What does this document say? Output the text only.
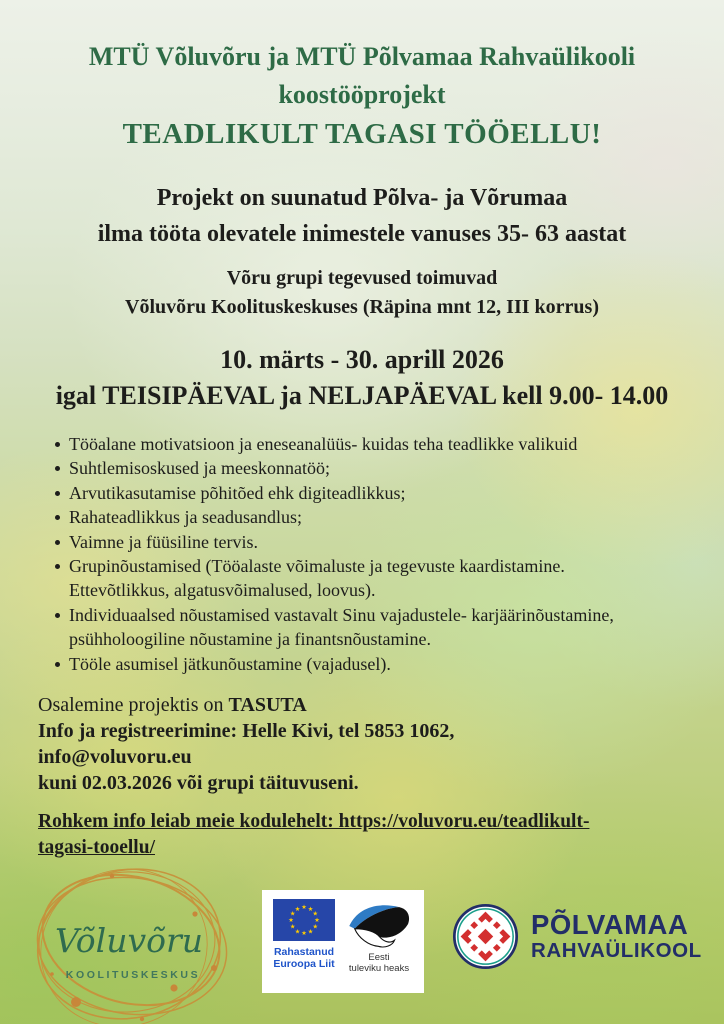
MTÜ Võluvõru ja MTÜ Põlvamaa Rahvaülikooli
koostööprojekt
TEADLIKULT TAGASI TÖÖELLU!
Projekt on suunatud Põlva- ja Võrumaa
ilma tööta olevatele inimestele vanuses 35- 63 aastat
Võru grupi tegevused toimuvad
Võluvõru Koolituskeskuses (Räpina mnt 12, III korrus)
10. märts - 30. aprill 2026
igal TEISIPÄEVAL ja NELJAPÄEVAL kell 9.00- 14.00
Tööalane motivatsioon ja eneseanalüüs- kuidas teha teadlikke valikuid
Suhtlemisoskused ja meeskonnatöö;
Arvutikasutamise põhitõed ehk digiteadlikkus;
Rahateadlikkus ja seadusandlus;
Vaimne ja füüsiline tervis.
Grupinõustamised (Tööalaste võimaluste ja tegevuste kaardistamine.
Ettevõtlikkus, algatusvõimalused, loovus).
Individuaalsed nõustamised vastavalt Sinu vajadustele- karjäärinõustamine,
psühholoogiline nõustamine ja finantsnõustamine.
Tööle asumisel jätkunõustamine (vajadusel).
Osalemine projektis on TASUTA
Info ja registreerimine: Helle Kivi, tel 5853 1062,
info@voluvoru.eu
kuni 02.03.2026 või grupi täituvuseni.
Rohkem info leiab meie kodulehelt: https://voluvoru.eu/teadlikult-
tagasi-tooellu/
Võluvõru
KOOLITUSKESKUS
★ ★
★
★
★
★
★
★
★
★
★
★
Rahastanud
Euroopa Liit
Eesti
tuleviku heaks
PÕLVAMAA
RAHVAÜLIKOOL
